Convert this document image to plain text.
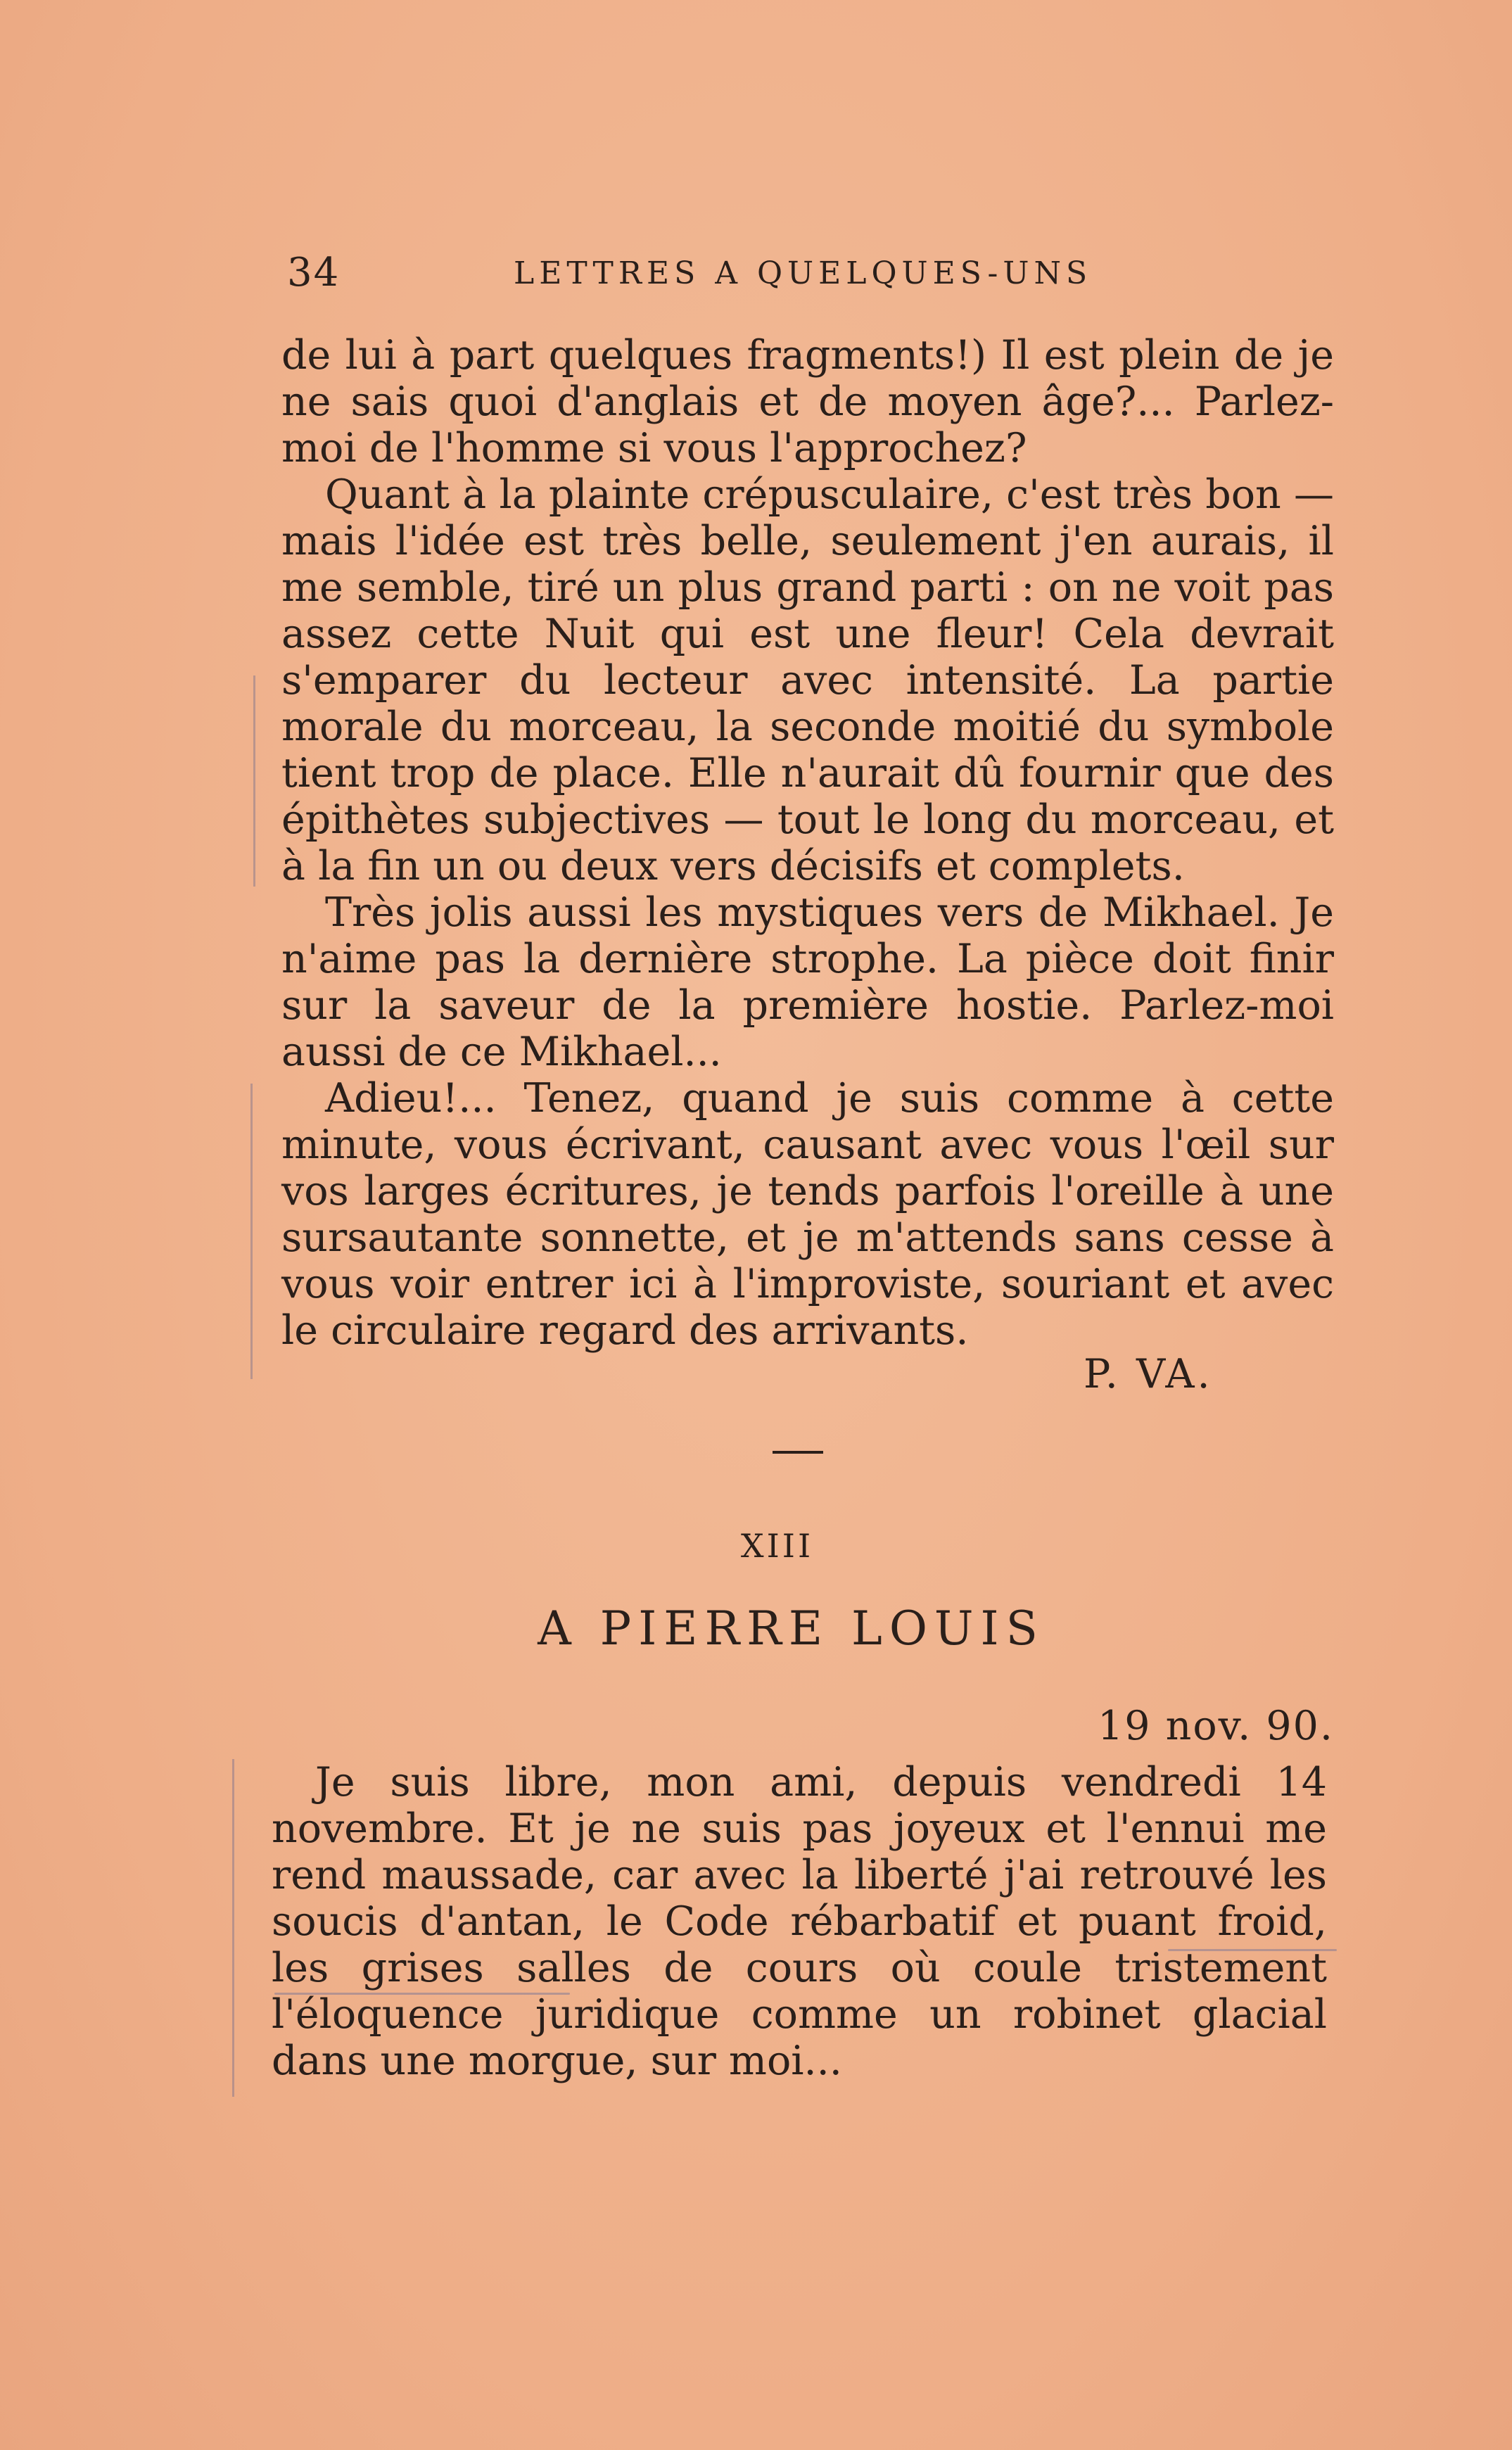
34	LETTRES A QUELQUES-UNS

de lui à part quelques fragments!) Il est plein de je ne sais quoi d'anglais et de moyen âge?... Parlez-moi de l'homme si vous l'approchez?

Quant à la plainte crépusculaire, c'est très bon — mais l'idée est très belle, seulement j'en aurais, il me semble, tiré un plus grand parti : on ne voit pas assez cette Nuit qui est une fleur! Cela devrait s'emparer du lecteur avec intensité. La partie morale du morceau, la seconde moitié du symbole tient trop de place. Elle n'aurait dû fournir que des épithètes subjectives — tout le long du morceau, et à la fin un ou deux vers décisifs et complets.

Très jolis aussi les mystiques vers de Mikhael. Je n'aime pas la dernière strophe. La pièce doit finir sur la saveur de la première hostie. Parlez-moi aussi de ce Mikhael...

Adieu!... Tenez, quand je suis comme à cette minute, vous écrivant, causant avec vous l'œil sur vos larges écritures, je tends parfois l'oreille à une sursautante sonnette, et je m'attends sans cesse à vous voir entrer ici à l'improviste, souriant et avec le circulaire regard des arrivants.

P. VA.
XIII
A PIERRE LOUIS
19 nov. 90.

Je suis libre, mon ami, depuis vendredi 14 novembre. Et je ne suis pas joyeux et l'ennui me rend maussade, car avec la liberté j'ai retrouvé les soucis d'antan, le Code rébarbatif et puant froid, les grises salles de cours où coule tristement l'éloquence juridique comme un robinet glacial dans une morgue, sur moi...
